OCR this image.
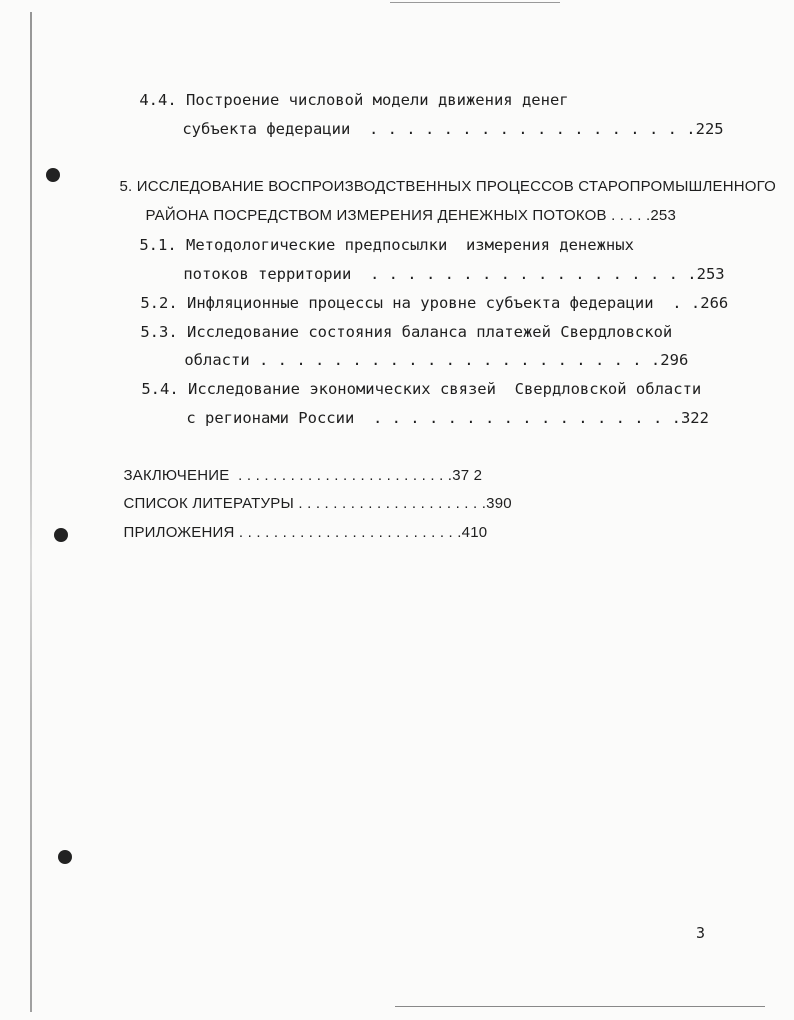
4.4. Построение числовой модели движения денег

субъекта федерации . . . . . . . . . . . . . . . . . .225

5. ИССЛЕДОВАНИЕ ВОСПРОИЗВОДСТВЕННЫХ ПРОЦЕССОВ СТАРОПРОМЫШЛЕННОГО

РАЙОНА ПОСРЕДСТВОМ ИЗМЕРЕНИЯ ДЕНЕЖНЫХ ПОТОКОВ . . . . .253

5.1. Методологические предпосылки  измерения денежных

потоков территории . . . . . . . . . . . . . . . . . .253

5.2. Инфляционные процессы на уровне субъекта федерации . .266

5.3. Исследование состояния баланса платежей Свердловской

области . . . . . . . . . . . . . . . . . . . . . .296

5.4. Исследование экономических связей  Свердловской области

с регионами России . . . . . . . . . . . . . . . . .322

ЗАКЛЮЧЕНИЕ . . . . . . . . . . . . . . . . . . . . . . . . .37 2

СПИСОК ЛИТЕРАТУРЫ . . . . . . . . . . . . . . . . . . . . . .390

ПРИЛОЖЕНИЯ . . . . . . . . . . . . . . . . . . . . . . . . . .410

3
